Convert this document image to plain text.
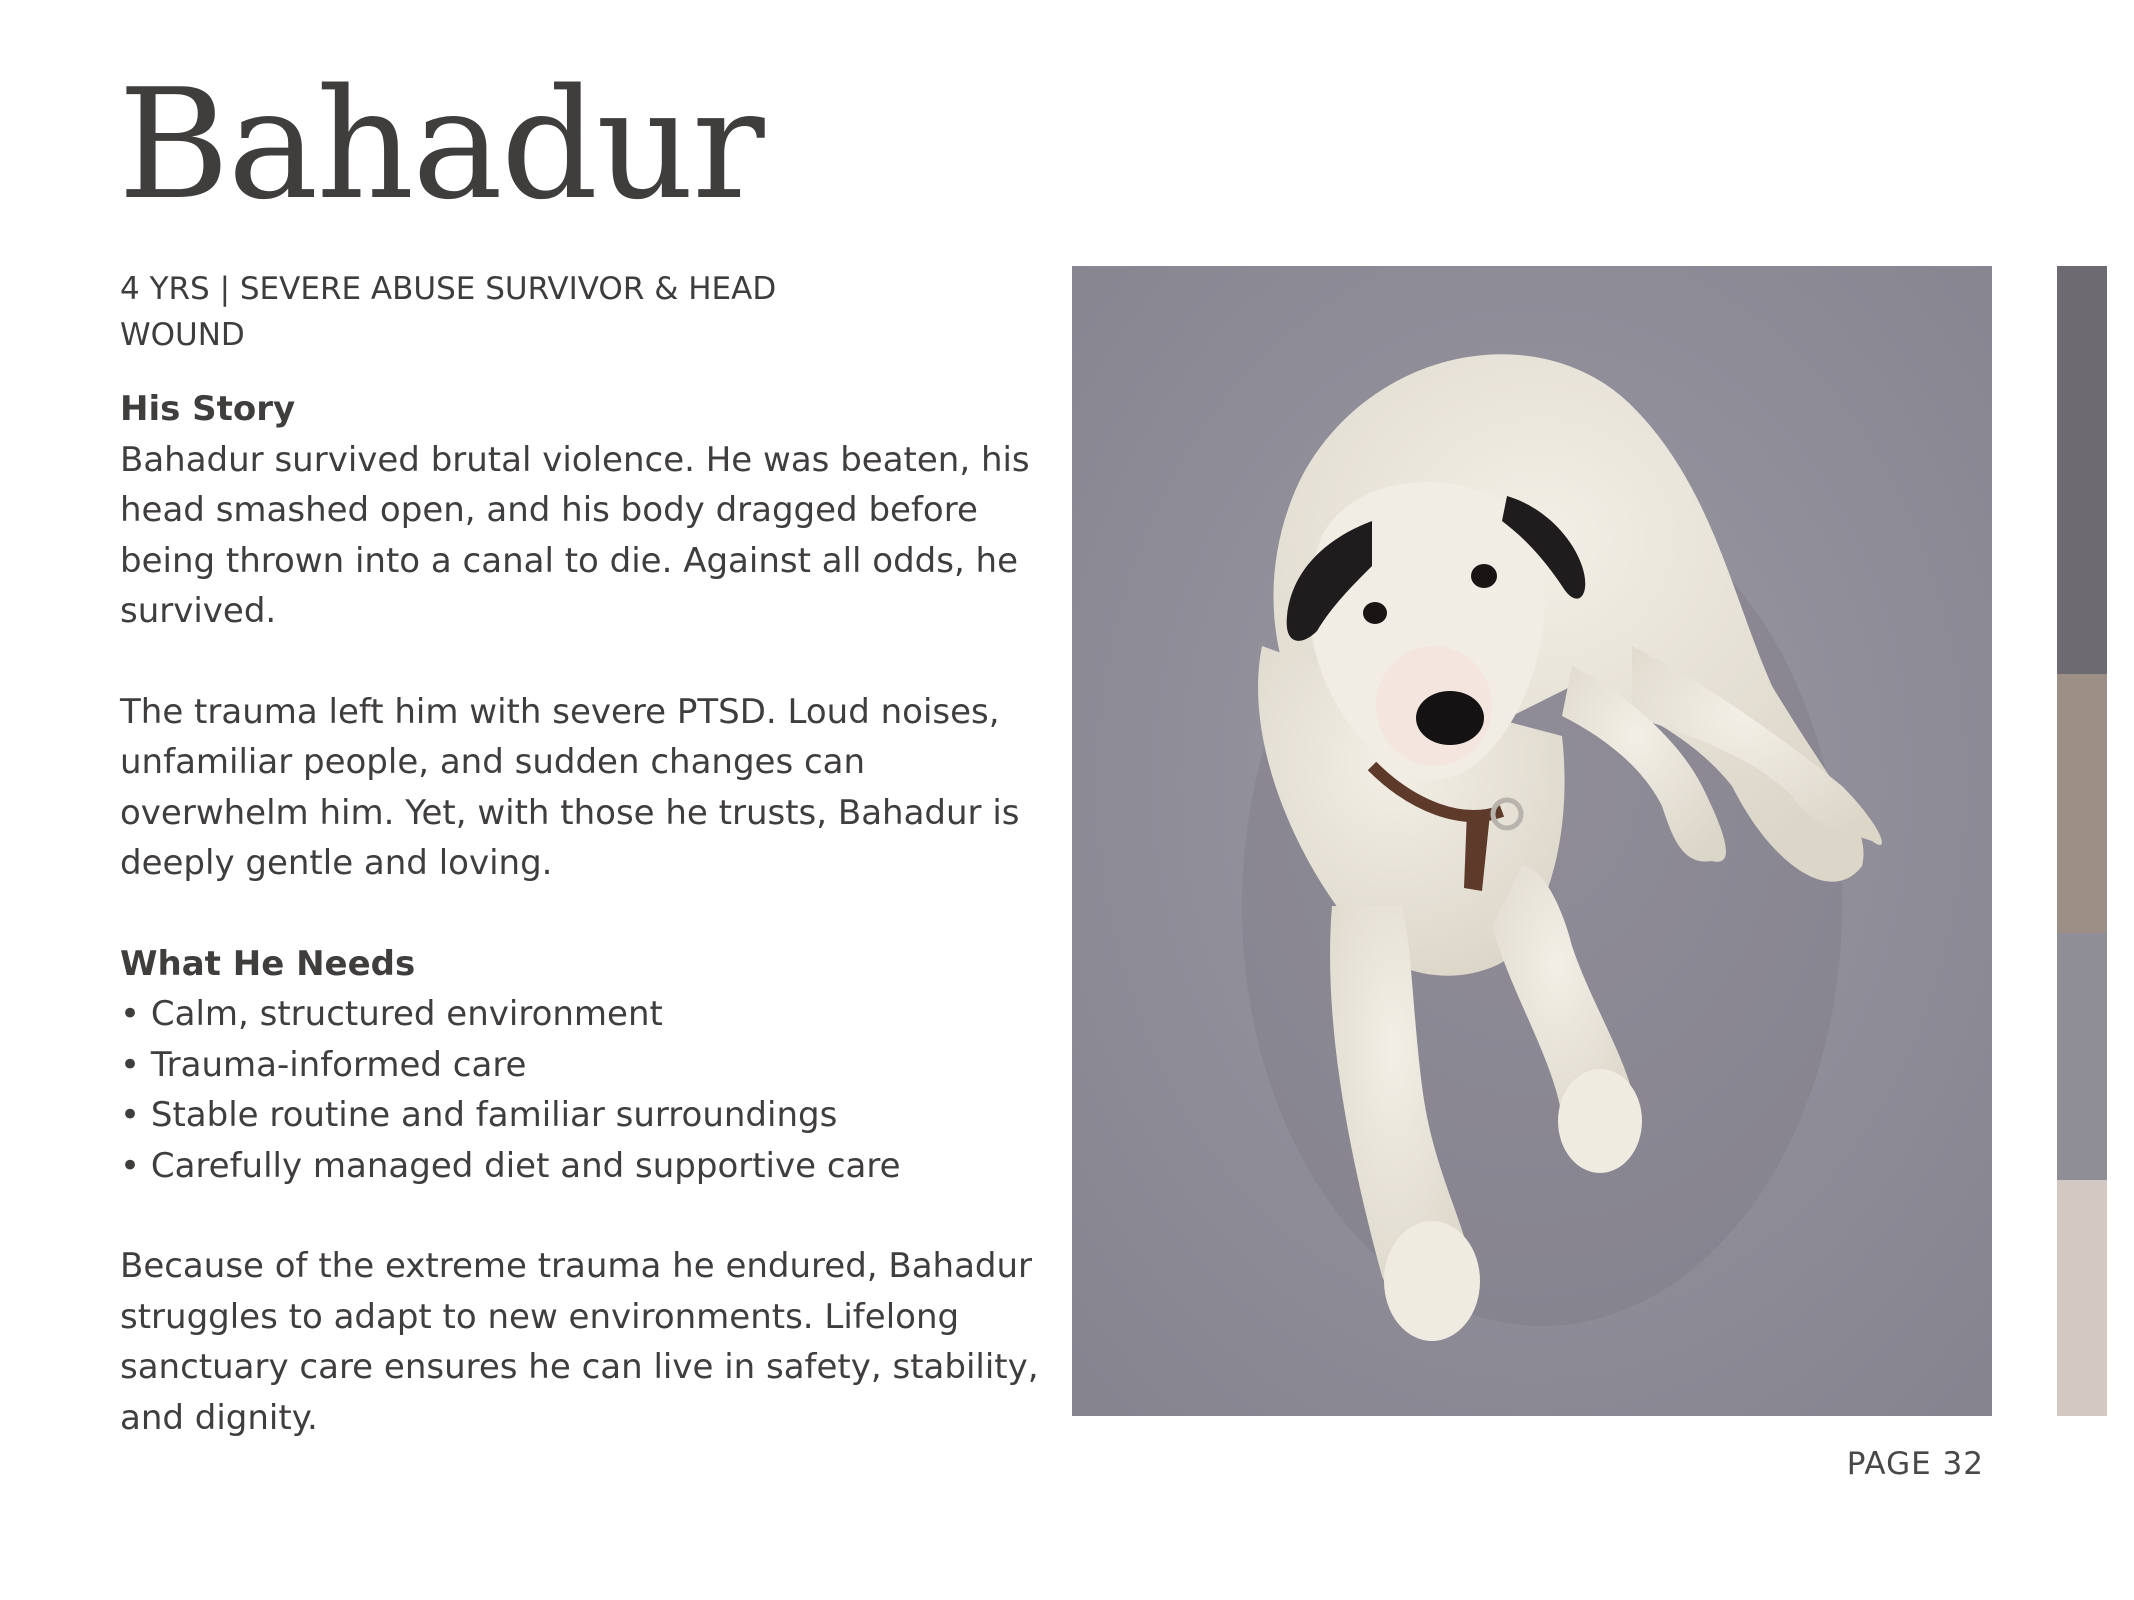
Bahadur

4 YRS | SEVERE ABUSE SURVIVOR & HEAD WOUND

His Story

Bahadur survived brutal violence. He was beaten, his head smashed open, and his body dragged before being thrown into a canal to die. Against all odds, he survived.

The trauma left him with severe PTSD. Loud noises, unfamiliar people, and sudden changes can overwhelm him. Yet, with those he trusts, Bahadur is deeply gentle and loving.

What He Needs

• Calm, structured environment
• Trauma-informed care
• Stable routine and familiar surroundings
• Carefully managed diet and supportive care

Because of the extreme trauma he endured, Bahadur struggles to adapt to new environments. Lifelong sanctuary care ensures he can live in safety, stability, and dignity.

PAGE 32
